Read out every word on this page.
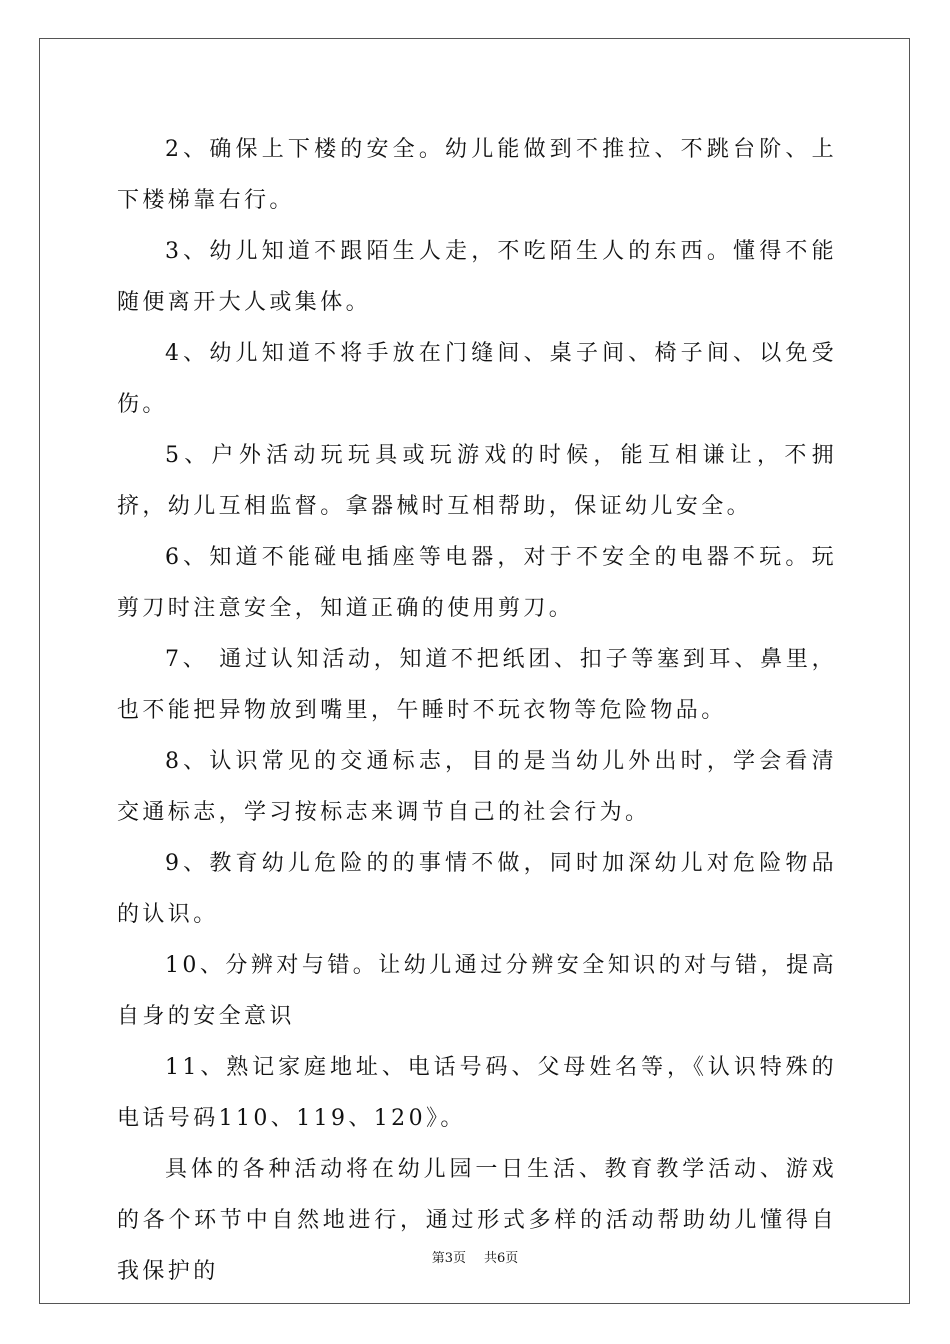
2、确保上下楼的安全。幼儿能做到不推拉、不跳台阶、上下楼梯靠右行。

3、幼儿知道不跟陌生人走，不吃陌生人的东西。懂得不能随便离开大人或集体。

4、幼儿知道不将手放在门缝间、桌子间、椅子间、以免受伤。

5、户外活动玩玩具或玩游戏的时候，能互相谦让，不拥挤，幼儿互相监督。拿器械时互相帮助，保证幼儿安全。

6、知道不能碰电插座等电器，对于不安全的电器不玩。玩剪刀时注意安全，知道正确的使用剪刀。

7、 通过认知活动，知道不把纸团、扣子等塞到耳、鼻里，也不能把异物放到嘴里，午睡时不玩衣物等危险物品。

8、认识常见的交通标志，目的是当幼儿外出时，学会看清交通标志，学习按标志来调节自己的社会行为。

9、教育幼儿危险的的事情不做，同时加深幼儿对危险物品的认识。

10、分辨对与错。让幼儿通过分辨安全知识的对与错，提高自身的安全意识

11、熟记家庭地址、电话号码、父母姓名等，《认识特殊的电话号码110、119、120》。

具体的各种活动将在幼儿园一日生活、教育教学活动、游戏的各个环节中自然地进行，通过形式多样的活动帮助幼儿懂得自我保护的

第3页 共6页
